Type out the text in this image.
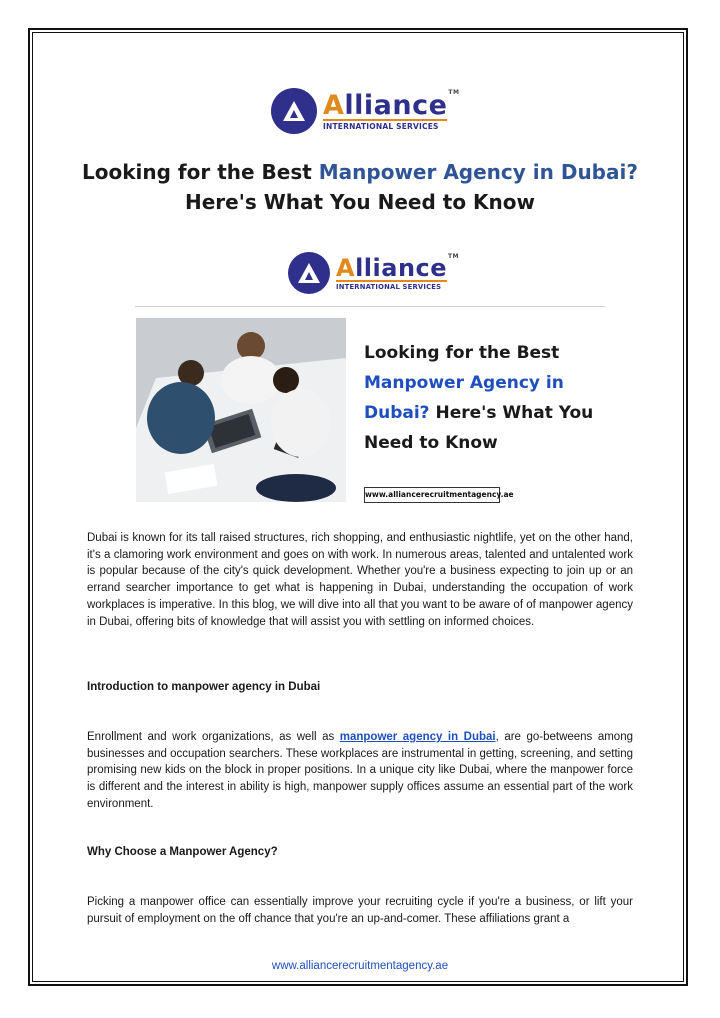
Alliance TM
INTERNATIONAL SERVICES
Looking for the Best Manpower Agency in Dubai?
Here's What You Need to Know
Alliance TM
INTERNATIONAL SERVICES
Looking for the Best
Manpower Agency in
Dubai? Here's What You
Need to Know
www.alliancerecruitmentagency.ae
Dubai is known for its tall raised structures, rich shopping, and enthusiastic nightlife, yet on the other hand, it's a clamoring work environment and goes on with work. In numerous areas, talented and untalented work is popular because of the city's quick development. Whether you're a business expecting to join up or an errand searcher importance to get what is happening in Dubai, understanding the occupation of work workplaces is imperative. In this blog, we will dive into all that you want to be aware of of manpower agency in Dubai, offering bits of knowledge that will assist you with settling on informed choices.
Introduction to manpower agency in Dubai
Enrollment and work organizations, as well as manpower agency in Dubai, are go-betweens among businesses and occupation searchers. These workplaces are instrumental in getting, screening, and setting promising new kids on the block in proper positions. In a unique city like Dubai, where the manpower force is different and the interest in ability is high, manpower supply offices assume an essential part of the work environment.
Why Choose a Manpower Agency?
Picking a manpower office can essentially improve your recruiting cycle if you're a business, or lift your pursuit of employment on the off chance that you're an up-and-comer. These affiliations grant a
www.alliancerecruitmentagency.ae
